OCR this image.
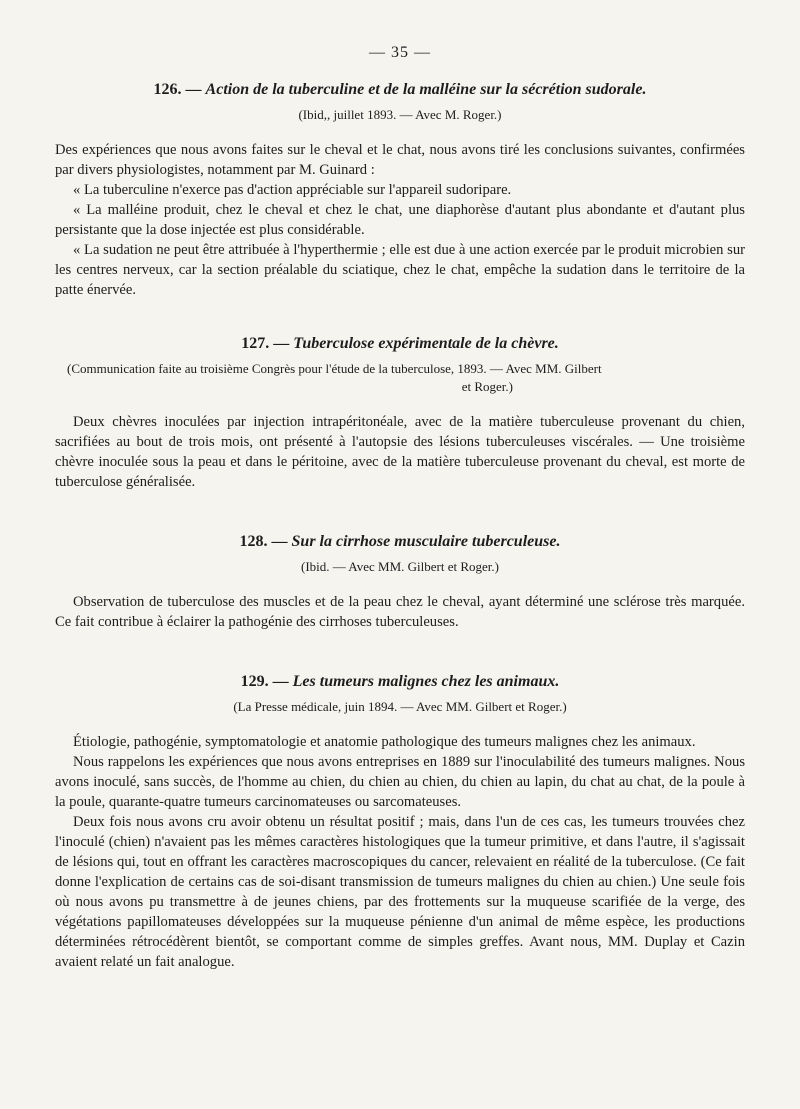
— 35 —
126. — Action de la tuberculine et de la malléine sur la sécrétion sudorale.
(Ibid,, juillet 1893. — Avec M. Roger.)

Des expériences que nous avons faites sur le cheval et le chat, nous avons tiré les conclusions suivantes, confirmées par divers physiologistes, notamment par M. Guinard :

« La tuberculine n'exerce pas d'action appréciable sur l'appareil sudoripare.

« La malléine produit, chez le cheval et chez le chat, une diaphorèse d'autant plus abondante et d'autant plus persistante que la dose injectée est plus considérable.

« La sudation ne peut être attribuée à l'hyperthermie ; elle est due à une action exercée par le produit microbien sur les centres nerveux, car la section préalable du sciatique, chez le chat, empêche la sudation dans le territoire de la patte énervée.

127. — Tuberculose expérimentale de la chèvre.
(Communication faite au troisième Congrès pour l'étude de la tuberculose, 1893. — Avec MM. Gilbert
et Roger.)

Deux chèvres inoculées par injection intrapéritonéale, avec de la matière tuberculeuse provenant du chien, sacrifiées au bout de trois mois, ont présenté à l'autopsie des lésions tuberculeuses viscérales. — Une troisième chèvre inoculée sous la peau et dans le péritoine, avec de la matière tuberculeuse provenant du cheval, est morte de tuberculose généralisée.

128. — Sur la cirrhose musculaire tuberculeuse.
(Ibid. — Avec MM. Gilbert et Roger.)

Observation de tuberculose des muscles et de la peau chez le cheval, ayant déterminé une sclérose très marquée. Ce fait contribue à éclairer la pathogénie des cirrhoses tuberculeuses.

129. — Les tumeurs malignes chez les animaux.
(La Presse médicale, juin 1894. — Avec MM. Gilbert et Roger.)

Étiologie, pathogénie, symptomatologie et anatomie pathologique des tumeurs malignes chez les animaux.

Nous rappelons les expériences que nous avons entreprises en 1889 sur l'inoculabilité des tumeurs malignes. Nous avons inoculé, sans succès, de l'homme au chien, du chien au chien, du chien au lapin, du chat au chat, de la poule à la poule, quarante-quatre tumeurs carcinomateuses ou sarcomateuses.

Deux fois nous avons cru avoir obtenu un résultat positif ; mais, dans l'un de ces cas, les tumeurs trouvées chez l'inoculé (chien) n'avaient pas les mêmes caractères histologiques que la tumeur primitive, et dans l'autre, il s'agissait de lésions qui, tout en offrant les caractères macroscopiques du cancer, relevaient en réalité de la tuberculose. (Ce fait donne l'explication de certains cas de soi-disant transmission de tumeurs malignes du chien au chien.) Une seule fois où nous avons pu transmettre à de jeunes chiens, par des frottements sur la muqueuse scarifiée de la verge, des végétations papillomateuses développées sur la muqueuse pénienne d'un animal de même espèce, les productions déterminées rétrocédèrent bientôt, se comportant comme de simples greffes. Avant nous, MM. Duplay et Cazin avaient relaté un fait analogue.
